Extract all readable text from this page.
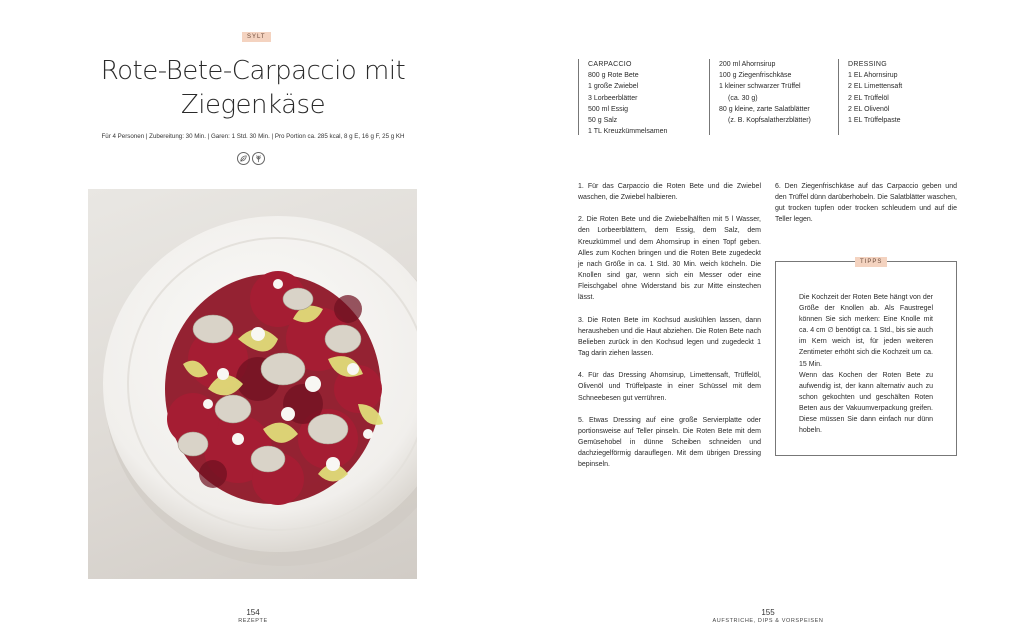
SYLT
Rote-Bete-Carpaccio mit
Ziegenkäse
Für 4 Personen | Zubereitung: 30 Min. | Garen: 1 Std. 30 Min. | Pro Portion ca. 285 kcal, 8 g E, 16 g F, 25 g KH
154
REZEPTE
CARPACCIO
800 g Rote Bete
1 große Zwiebel
3 Lorbeerblätter
500 ml Essig
50 g Salz
1 TL Kreuzkümmelsamen
200 ml Ahornsirup
100 g Ziegenfrischkäse
1 kleiner schwarzer Trüffel
(ca. 30 g)
80 g kleine, zarte Salatblätter
(z. B. Kopfsalatherzblätter)
DRESSING
1 EL Ahornsirup
2 EL Limettensaft
2 EL Trüffelöl
2 EL Olivenöl
1 EL Trüffelpaste

1. Für das Carpaccio die Roten Bete und die Zwiebel waschen, die Zwiebel halbieren.

2. Die Roten Bete und die Zwiebelhälften mit 5 l Wasser, den Lorbeerblättern, dem Essig, dem Salz, dem Kreuzkümmel und dem Ahornsirup in einen Topf geben. Alles zum Kochen bringen und die Roten Bete zugedeckt je nach Größe in ca. 1 Std. 30 Min. weich köcheln. Die Knollen sind gar, wenn sich ein Messer oder eine Fleischgabel ohne Widerstand bis zur Mitte einstechen lässt.

3. Die Roten Bete im Kochsud auskühlen lassen, dann herausheben und die Haut abziehen. Die Roten Bete nach Belieben zurück in den Kochsud legen und zugedeckt 1 Tag darin ziehen lassen.

4. Für das Dressing Ahornsirup, Limettensaft, Trüffelöl, Olivenöl und Trüffelpaste in einer Schüssel mit dem Schneebesen gut verrühren.

5. Etwas Dressing auf eine große Servierplatte oder portionsweise auf Teller pinseln. Die Roten Bete mit dem Gemüsehobel in dünne Scheiben schneiden und dachziegelförmig darauflegen. Mit dem übrigen Dressing bepinseln.

6. Den Ziegenfrischkäse auf das Carpaccio geben und den Trüffel dünn darüberhobeln. Die Salatblätter waschen, gut trocken tupfen oder trocken schleudern und auf die Teller legen.

TIPPS
Die Kochzeit der Roten Bete hängt von der Größe der Knollen ab. Als Faustregel können Sie sich merken: Eine Knolle mit ca. 4 cm ∅ benötigt ca. 1 Std., bis sie auch im Kern weich ist, für jeden weiteren Zentimeter erhöht sich die Kochzeit um ca. 15 Min.
Wenn das Kochen der Roten Bete zu aufwendig ist, der kann alternativ auch zu schon gekochten und geschälten Roten Beten aus der Vakuumverpackung greifen. Diese müssen Sie dann einfach nur dünn hobeln.
155
AUFSTRICHE, DIPS & VORSPEISEN
